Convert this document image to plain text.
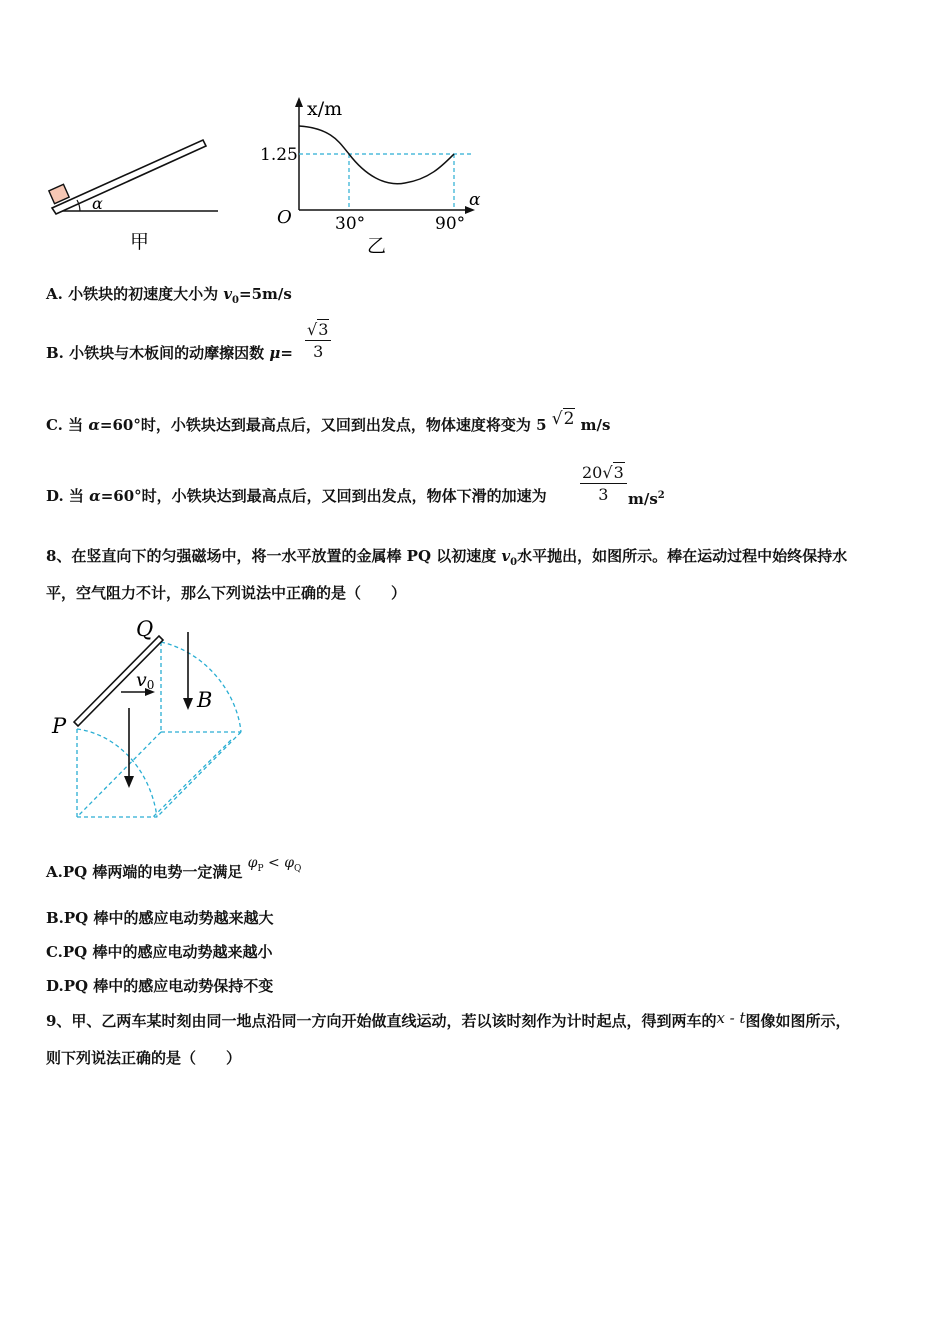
α
甲
x/m
1.25
O	30°	90°
α
乙
A. 小铁块的初速度大小为 $v_0=5m/s$
B. 小铁块与木板间的动摩擦因数 $\mu= \frac{√3}{3}$
C. 当 α=60°时，小铁块达到最高点后，又回到出发点，物体速度将变为 5 √2 m/s
D. 当 α=60°时，小铁块达到最高点后，又回到出发点，物体下滑的加速为 $\frac{20√3}{3} m/s^2$
8、在竖直向下的匀强磁场中，将一水平放置的金属棒 PQ 以初速度 $v_0$水平抛出，如图所示。棒在运动过程中始终保持水
平，空气阻力不计，那么下列说法中正确的是（　　）
Q
P
v0
B
A.PQ 棒两端的电势一定满足 $\varphi_P < \varphi_Q$
B.PQ 棒中的感应电动势越来越大
C.PQ 棒中的感应电动势越来越小
D.PQ 棒中的感应电动势保持不变
9、甲、乙两车某时刻由同一地点沿同一方向开始做直线运动，若以该时刻作为计时起点，得到两车的x - t图像如图所示，
则下列说法正确的是（　　）
